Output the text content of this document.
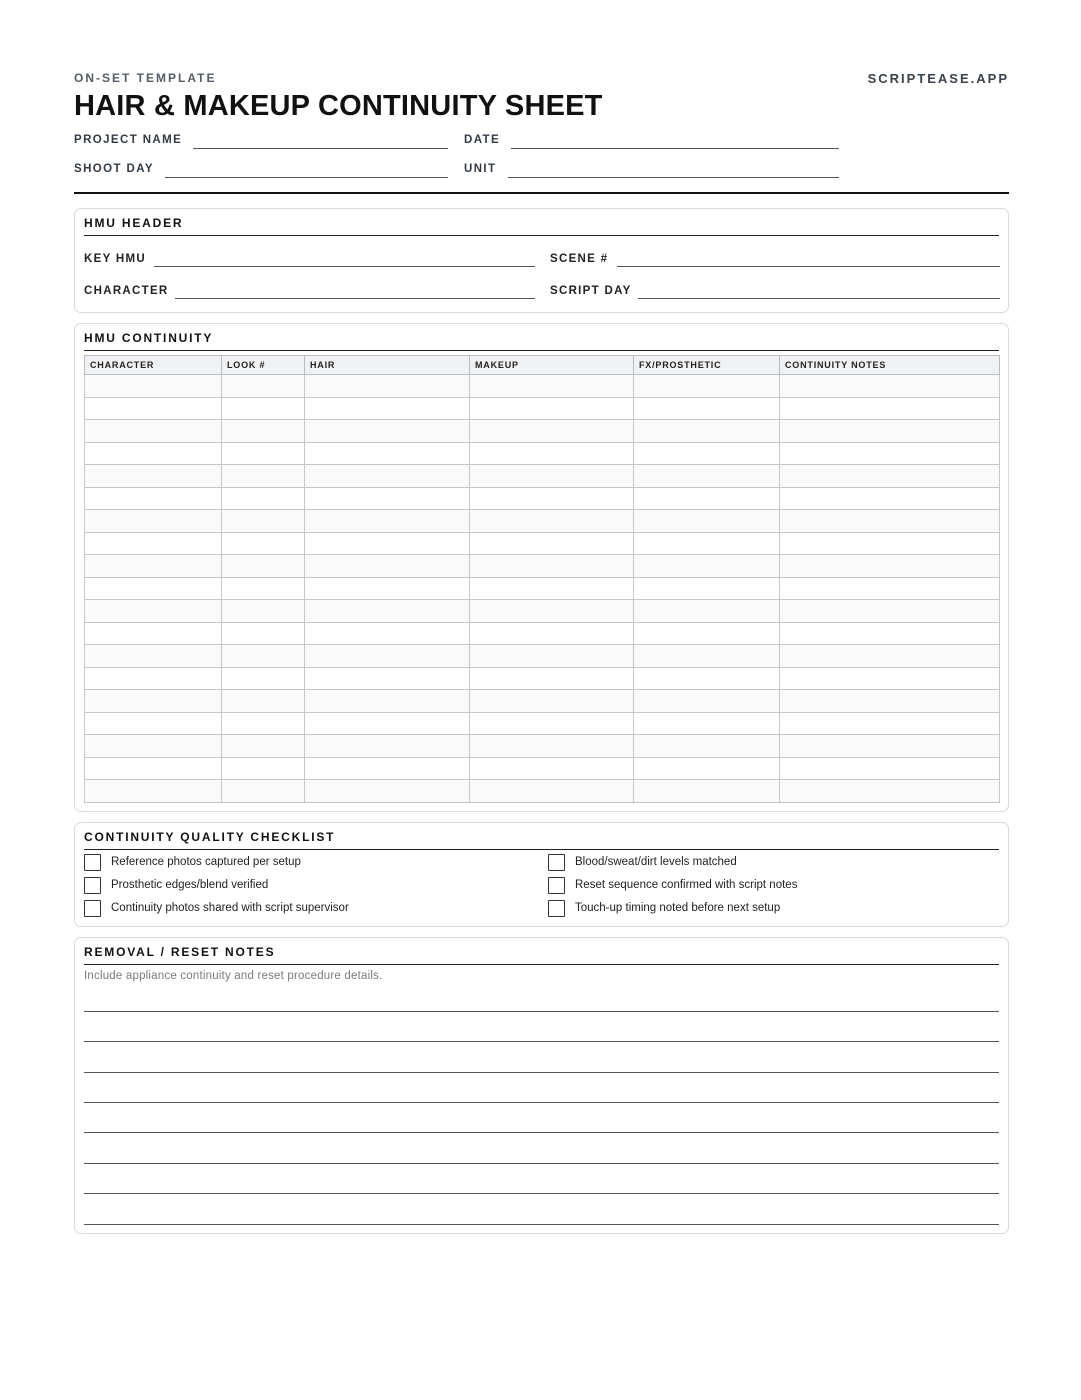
ON-SET TEMPLATE	SCRIPTEASE.APP
HAIR & MAKEUP CONTINUITY SHEET
PROJECT NAME	DATE
SHOOT DAY	UNIT
HMU HEADER
KEY HMU	SCENE #
CHARACTER	SCRIPT DAY
HMU CONTINUITY
CHARACTER	LOOK #	HAIR	MAKEUP	FX/PROSTHETIC	CONTINUITY NOTES

CONTINUITY QUALITY CHECKLIST
Reference photos captured per setup	Blood/sweat/dirt levels matched
Prosthetic edges/blend verified	Reset sequence confirmed with script notes
Continuity photos shared with script supervisor	Touch-up timing noted before next setup
REMOVAL / RESET NOTES
Include appliance continuity and reset procedure details.
